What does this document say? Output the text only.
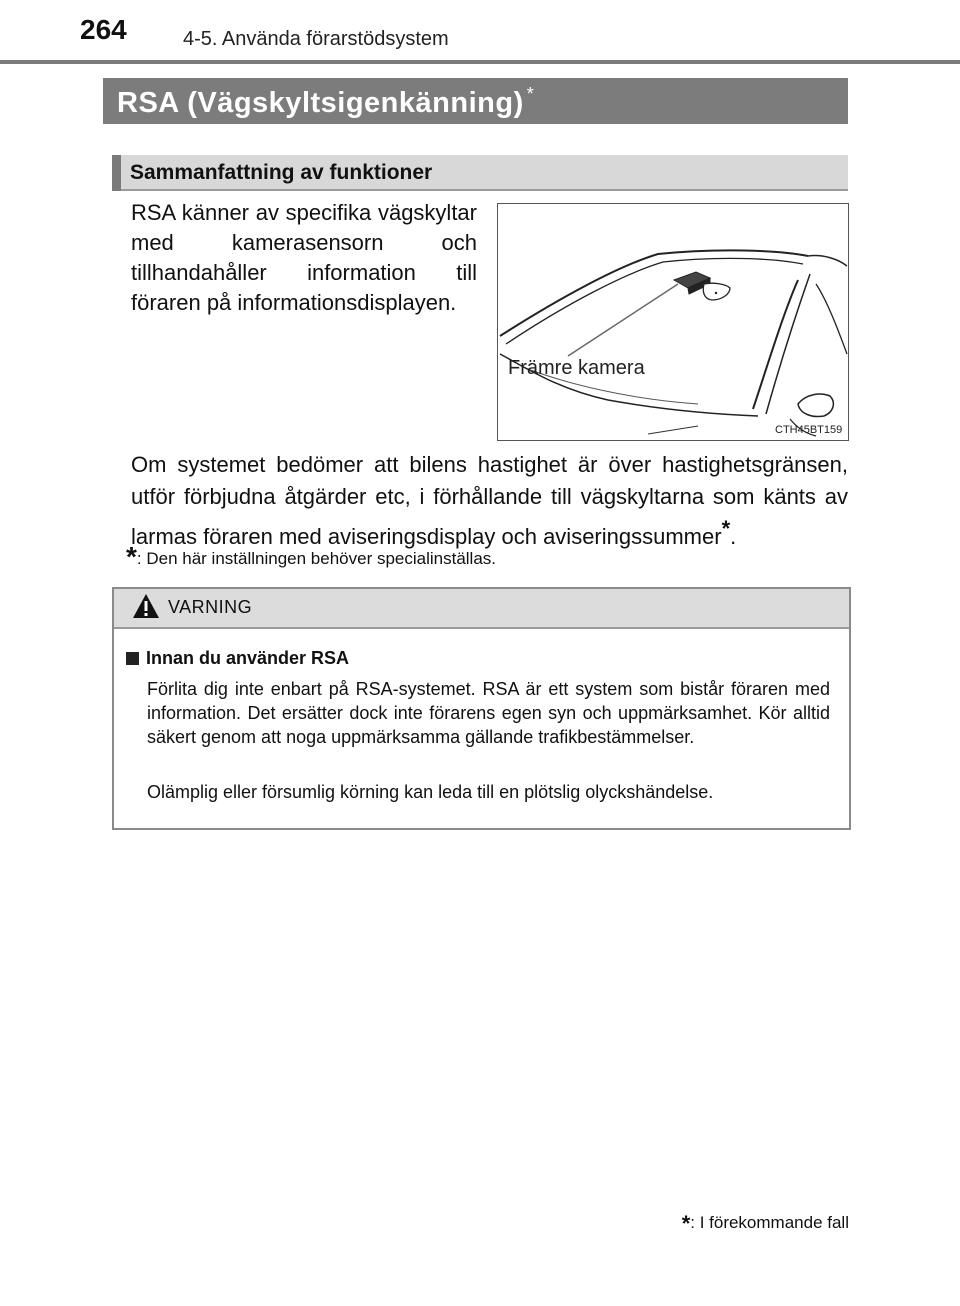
264	4-5. Använda förarstödsystem
RSA (Vägskyltsigenkänning) *
Sammanfattning av funktioner
RSA känner av specifika vägskyltar med kamerasensorn och tillhandahåller information till föraren på informationsdisplayen.
Främre kamera
CTH45BT159
Om systemet bedömer att bilens hastighet är över hastighetsgränsen, utför förbjudna åtgärder etc, i förhållande till vägskyltarna som känts av larmas föraren med aviseringsdisplay och aviseringssummer*.
*: Den här inställningen behöver specialinställas.
VARNING
Innan du använder RSA
Förlita dig inte enbart på RSA-systemet. RSA är ett system som bistår föraren med information. Det ersätter dock inte förarens egen syn och uppmärksamhet. Kör alltid säkert genom att noga uppmärksamma gällande trafikbestämmelser.
Olämplig eller försumlig körning kan leda till en plötslig olyckshändelse.
*: I förekommande fall
